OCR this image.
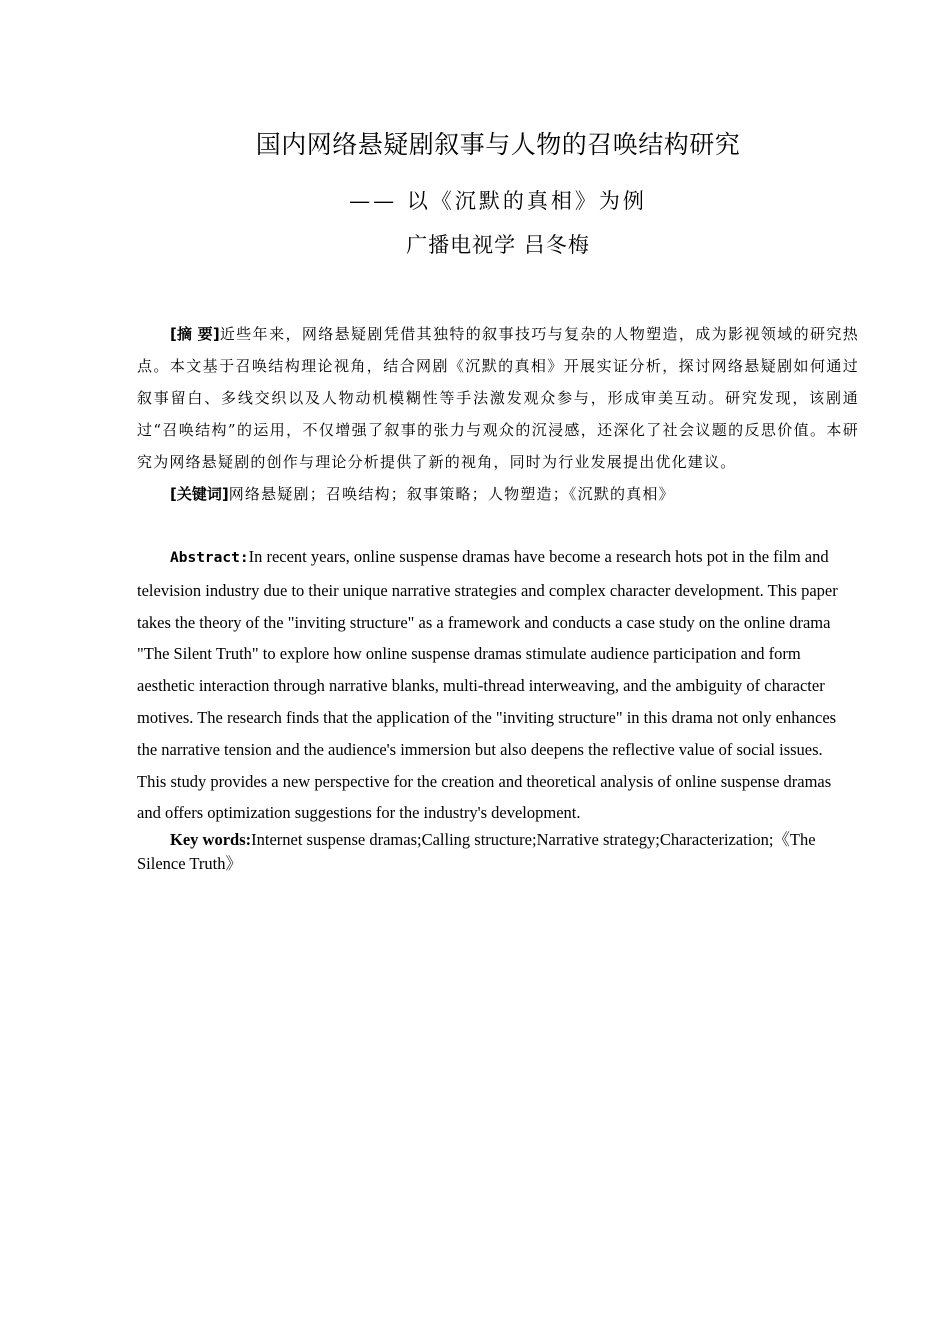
国内网络悬疑剧叙事与人物的召唤结构研究
—— 以《沉默的真相》为例
广播电视学 吕冬梅

[摘 要]近些年来，网络悬疑剧凭借其独特的叙事技巧与复杂的人物塑造，成为影视领域的研究热点。本文基于召唤结构理论视角，结合网剧《沉默的真相》开展实证分析，探讨网络悬疑剧如何通过叙事留白、多线交织以及人物动机模糊性等手法激发观众参与，形成审美互动。研究发现，该剧通过“召唤结构”的运用，不仅增强了叙事的张力与观众的沉浸感，还深化了社会议题的反思价值。本研究为网络悬疑剧的创作与理论分析提供了新的视角，同时为行业发展提出优化建议。

[关键词]网络悬疑剧；召唤结构；叙事策略；人物塑造；《沉默的真相》

Abstract:In recent years, online suspense dramas have become a research hots pot in the film and television industry due to their unique narrative strategies and complex character development. This paper takes the theory of the "inviting structure" as a framework and conducts a case study on the online drama "The Silent Truth" to explore how online suspense dramas stimulate audience participation and form aesthetic interaction through narrative blanks, multi-thread interweaving, and the ambiguity of character motives. The research finds that the application of the "inviting structure" in this drama not only enhances the narrative tension and the audience's immersion but also deepens the reflective value of social issues. This study provides a new perspective for the creation and theoretical analysis of online suspense dramas and offers optimization suggestions for the industry's development.

Key words:Internet suspense dramas;Calling structure;Narrative strategy;Characterization;《The Silence Truth》
